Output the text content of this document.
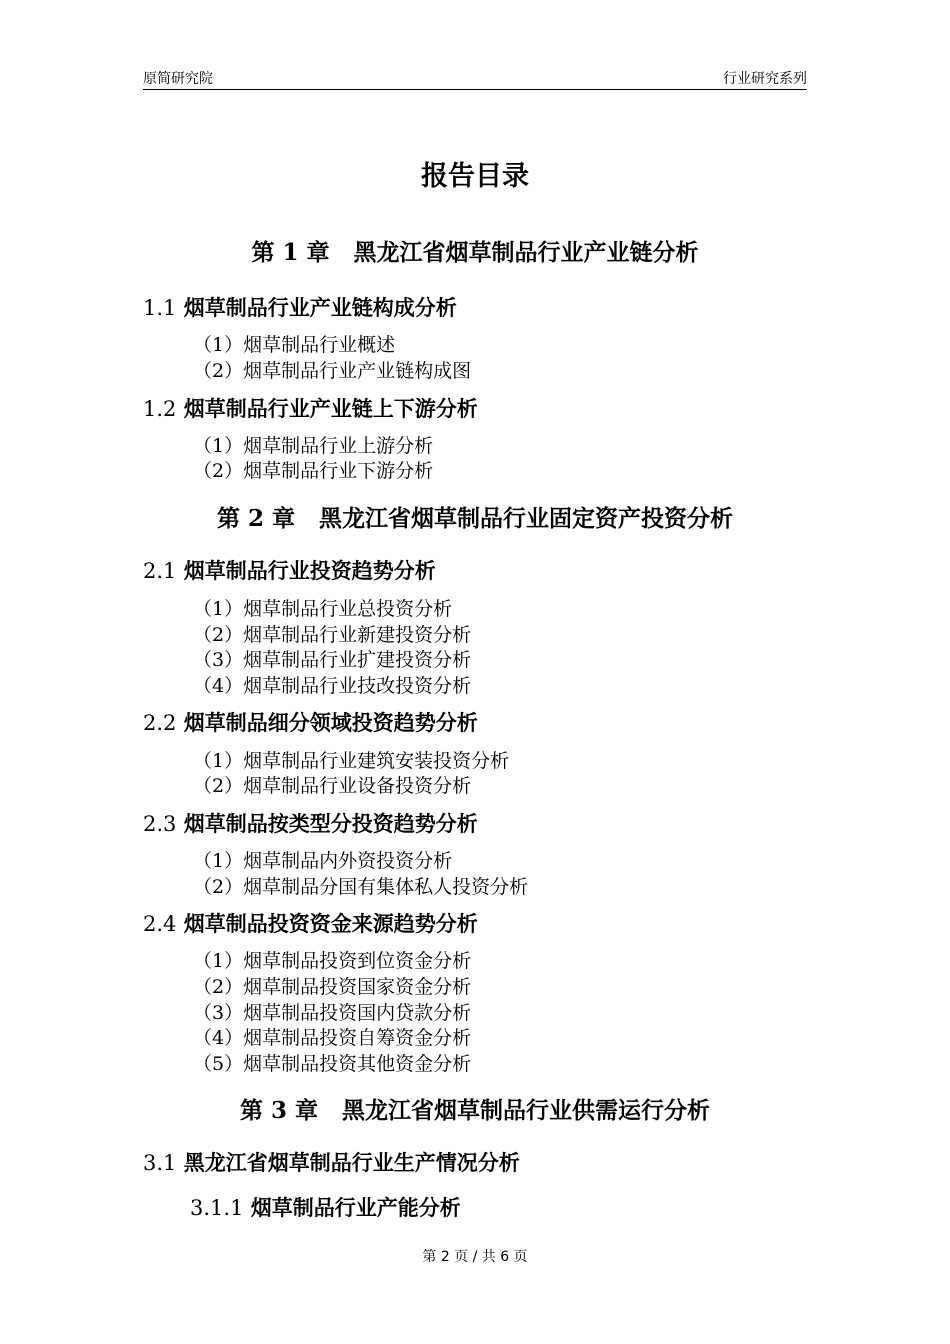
原简研究院	行业研究系列
报告目录
第 1 章 黑龙江省烟草制品行业产业链分析
1.1 烟草制品行业产业链构成分析
（1）烟草制品行业概述
（2）烟草制品行业产业链构成图
1.2 烟草制品行业产业链上下游分析
（1）烟草制品行业上游分析
（2）烟草制品行业下游分析
第 2 章 黑龙江省烟草制品行业固定资产投资分析
2.1 烟草制品行业投资趋势分析
（1）烟草制品行业总投资分析
（2）烟草制品行业新建投资分析
（3）烟草制品行业扩建投资分析
（4）烟草制品行业技改投资分析
2.2 烟草制品细分领域投资趋势分析
（1）烟草制品行业建筑安装投资分析
（2）烟草制品行业设备投资分析
2.3 烟草制品按类型分投资趋势分析
（1）烟草制品内外资投资分析
（2）烟草制品分国有集体私人投资分析
2.4 烟草制品投资资金来源趋势分析
（1）烟草制品投资到位资金分析
（2）烟草制品投资国家资金分析
（3）烟草制品投资国内贷款分析
（4）烟草制品投资自筹资金分析
（5）烟草制品投资其他资金分析
第 3 章 黑龙江省烟草制品行业供需运行分析
3.1 黑龙江省烟草制品行业生产情况分析
3.1.1 烟草制品行业产能分析
第 2 页 / 共 6 页
